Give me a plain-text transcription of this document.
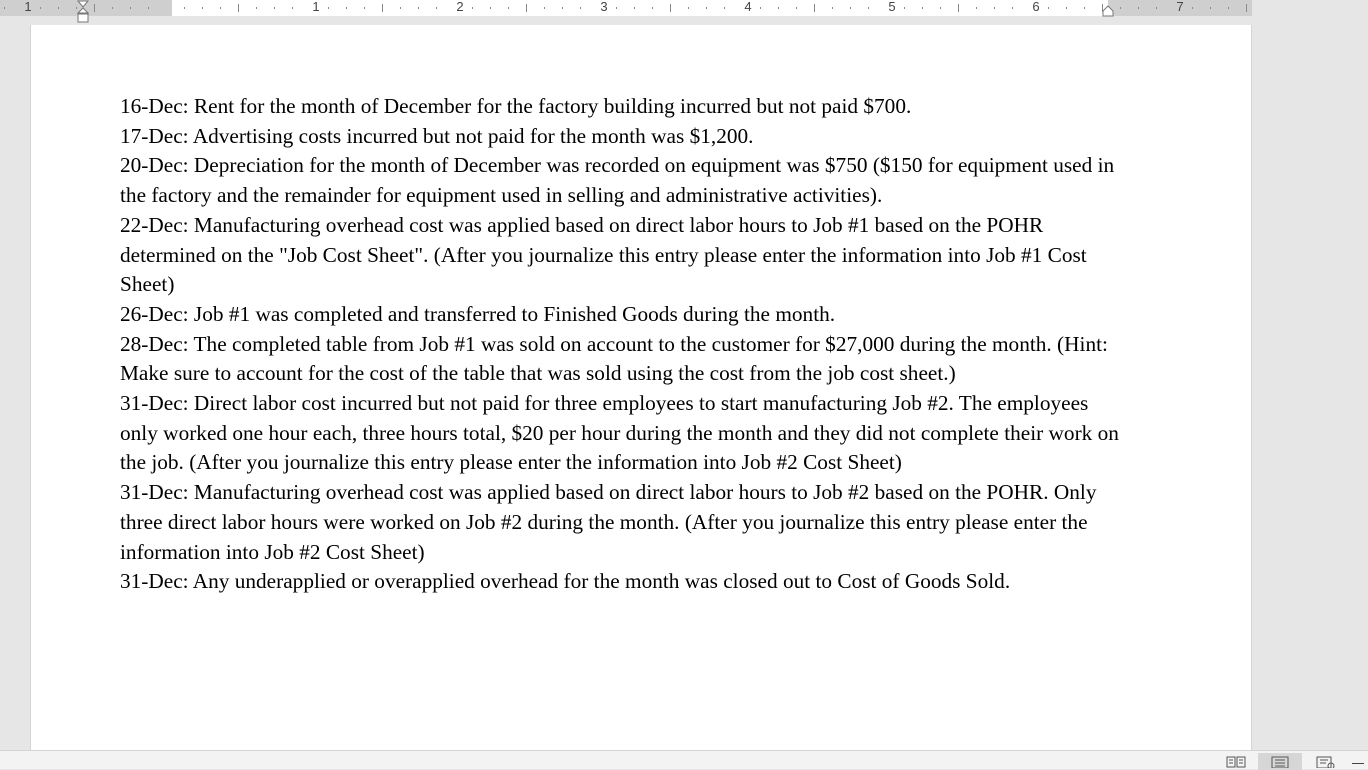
1	1	2	3	4	5	6	7

16-Dec: Rent for the month of December for the factory building incurred but not paid $700.

17-Dec: Advertising costs incurred but not paid for the month was $1,200.

20-Dec: Depreciation for the month of December was recorded on equipment was $750 ($150 for equipment used in the factory and the remainder for equipment used in selling and administrative activities).

22-Dec: Manufacturing overhead cost was applied based on direct labor hours to Job #1 based on the POHR determined on the "Job Cost Sheet". (After you journalize this entry please enter the information into Job #1 Cost Sheet)

26-Dec: Job #1 was completed and transferred to Finished Goods during the month.

28-Dec: The completed table from Job #1 was sold on account to the customer for $27,000 during the month. (Hint: Make sure to account for the cost of the table that was sold using the cost from the job cost sheet.)

31-Dec: Direct labor cost incurred but not paid for three employees to start manufacturing Job #2. The employees only worked one hour each, three hours total, $20 per hour during the month and they did not complete their work on the job. (After you journalize this entry please enter the information into Job #2 Cost Sheet)

31-Dec: Manufacturing overhead cost was applied based on direct labor hours to Job #2 based on the POHR. Only three direct labor hours were worked on Job #2 during the month. (After you journalize this entry please enter the information into Job #2 Cost Sheet)

31-Dec: Any underapplied or overapplied overhead for the month was closed out to Cost of Goods Sold.
